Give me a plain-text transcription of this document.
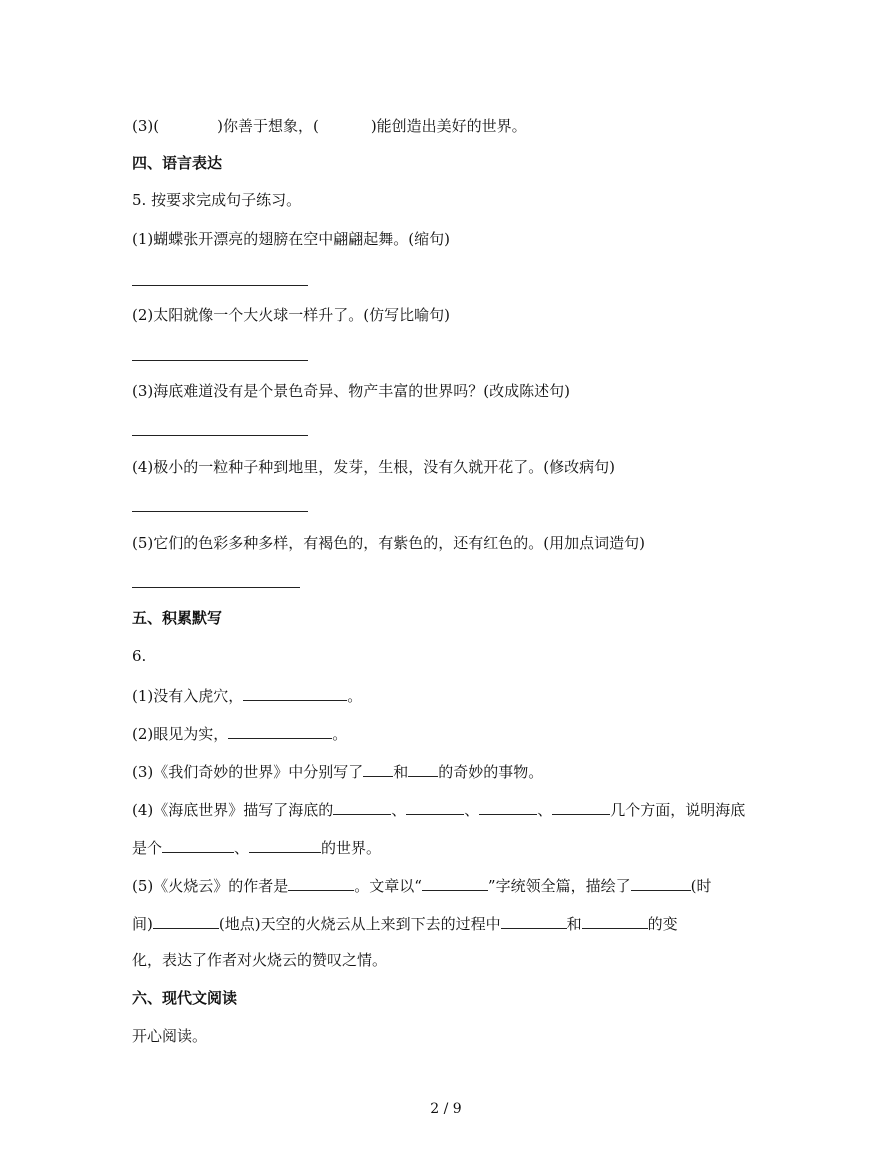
(3)(	)你善于想象，(	)能创造出美好的世界。
四、语言表达
5. 按要求完成句子练习。
(1)蝴蝶张开漂亮的翅膀在空中翩翩起舞。(缩句)
(2)太阳就像一个大火球一样升了。(仿写比喻句)
(3)海底难道没有是个景色奇异、物产丰富的世界吗？(改成陈述句)
(4)极小的一粒种子种到地里，发芽，生根，没有久就开花了。(修改病句)
(5)它们的色彩多种多样，有褐色的，有紫色的，还有红色的。(用加点词造句)
五、积累默写
6.
(1)没有入虎穴，	。
(2)眼见为实，	。
(3)《我们奇妙的世界》中分别写了 和 的奇妙的事物。
(4)《海底世界》描写了海底的	、	、	、	几个方面，说明海底
是个	、	的世界。
(5)《火烧云》的作者是	。文章以“	”字统领全篇，描绘了	(时
间)	(地点)天空的火烧云从上来到下去的过程中	和	的变
化，表达了作者对火烧云的赞叹之情。
六、现代文阅读
开心阅读。
2 / 9
